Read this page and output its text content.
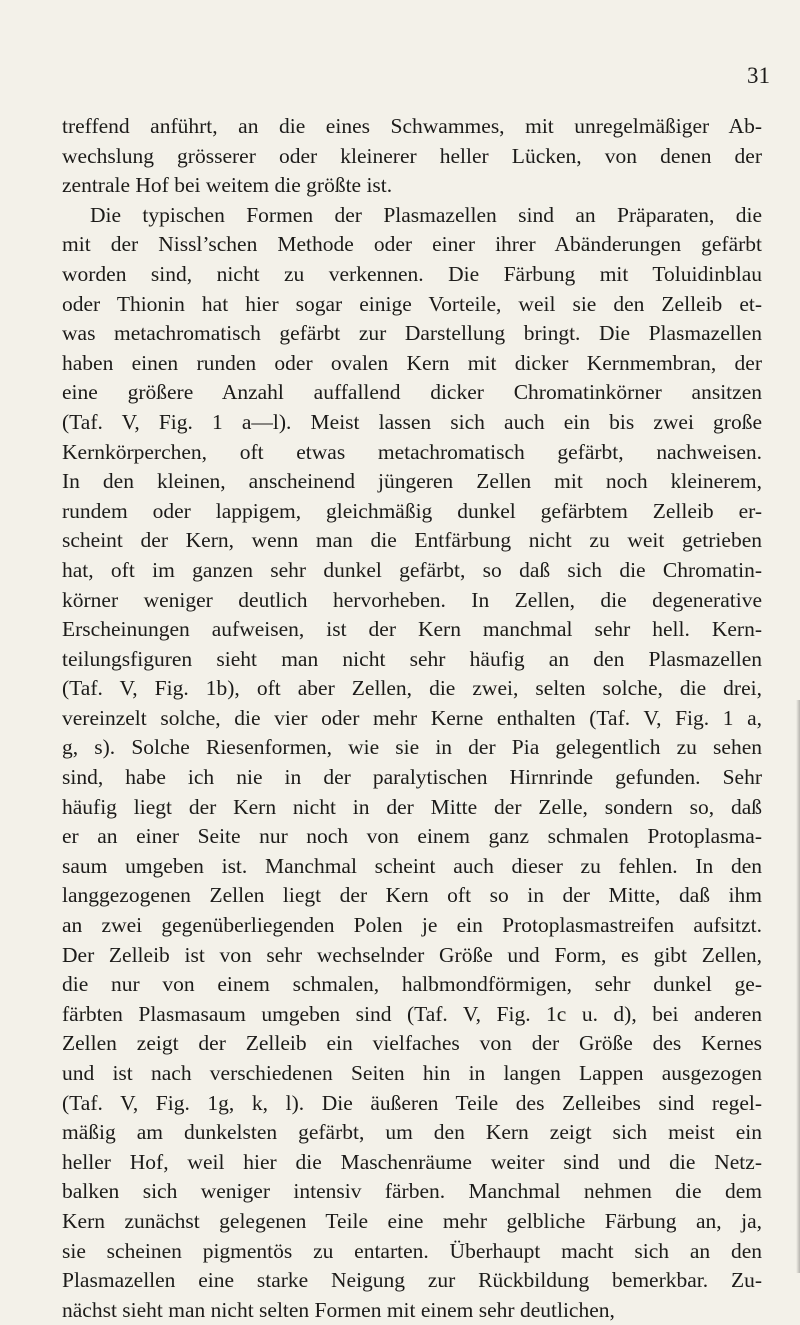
31
treffend anführt, an die eines Schwammes, mit unregelmäßiger Ab-
wechslung grösserer oder kleinerer heller Lücken, von denen der
zentrale Hof bei weitem die größte ist.
Die typischen Formen der Plasmazellen sind an Präparaten, die
mit der Nissl’schen Methode oder einer ihrer Abänderungen gefärbt
worden sind, nicht zu verkennen. Die Färbung mit Toluidinblau
oder Thionin hat hier sogar einige Vorteile, weil sie den Zelleib et-
was metachromatisch gefärbt zur Darstellung bringt. Die Plasmazellen
haben einen runden oder ovalen Kern mit dicker Kernmembran, der
eine größere Anzahl auffallend dicker Chromatinkörner ansitzen
(Taf. V, Fig. 1 a—l). Meist lassen sich auch ein bis zwei große
Kernkörperchen, oft etwas metachromatisch gefärbt, nachweisen.
In den kleinen, anscheinend jüngeren Zellen mit noch kleinerem,
rundem oder lappigem, gleichmäßig dunkel gefärbtem Zelleib er-
scheint der Kern, wenn man die Entfärbung nicht zu weit getrieben
hat, oft im ganzen sehr dunkel gefärbt, so daß sich die Chromatin-
körner weniger deutlich hervorheben. In Zellen, die degenerative
Erscheinungen aufweisen, ist der Kern manchmal sehr hell. Kern-
teilungsfiguren sieht man nicht sehr häufig an den Plasmazellen
(Taf. V, Fig. 1b), oft aber Zellen, die zwei, selten solche, die drei,
vereinzelt solche, die vier oder mehr Kerne enthalten (Taf. V, Fig. 1 a,
g, s). Solche Riesenformen, wie sie in der Pia gelegentlich zu sehen
sind, habe ich nie in der paralytischen Hirnrinde gefunden. Sehr
häufig liegt der Kern nicht in der Mitte der Zelle, sondern so, daß
er an einer Seite nur noch von einem ganz schmalen Protoplasma-
saum umgeben ist. Manchmal scheint auch dieser zu fehlen. In den
langgezogenen Zellen liegt der Kern oft so in der Mitte, daß ihm
an zwei gegenüberliegenden Polen je ein Protoplasmastreifen aufsitzt.
Der Zelleib ist von sehr wechselnder Größe und Form, es gibt Zellen,
die nur von einem schmalen, halbmondförmigen, sehr dunkel ge-
färbten Plasmasaum umgeben sind (Taf. V, Fig. 1c u. d), bei anderen
Zellen zeigt der Zelleib ein vielfaches von der Größe des Kernes
und ist nach verschiedenen Seiten hin in langen Lappen ausgezogen
(Taf. V, Fig. 1g, k, l). Die äußeren Teile des Zelleibes sind regel-
mäßig am dunkelsten gefärbt, um den Kern zeigt sich meist ein
heller Hof, weil hier die Maschenräume weiter sind und die Netz-
balken sich weniger intensiv färben. Manchmal nehmen die dem
Kern zunächst gelegenen Teile eine mehr gelbliche Färbung an, ja,
sie scheinen pigmentös zu entarten. Überhaupt macht sich an den
Plasmazellen eine starke Neigung zur Rückbildung bemerkbar. Zu-
nächst sieht man nicht selten Formen mit einem sehr deutlichen,
